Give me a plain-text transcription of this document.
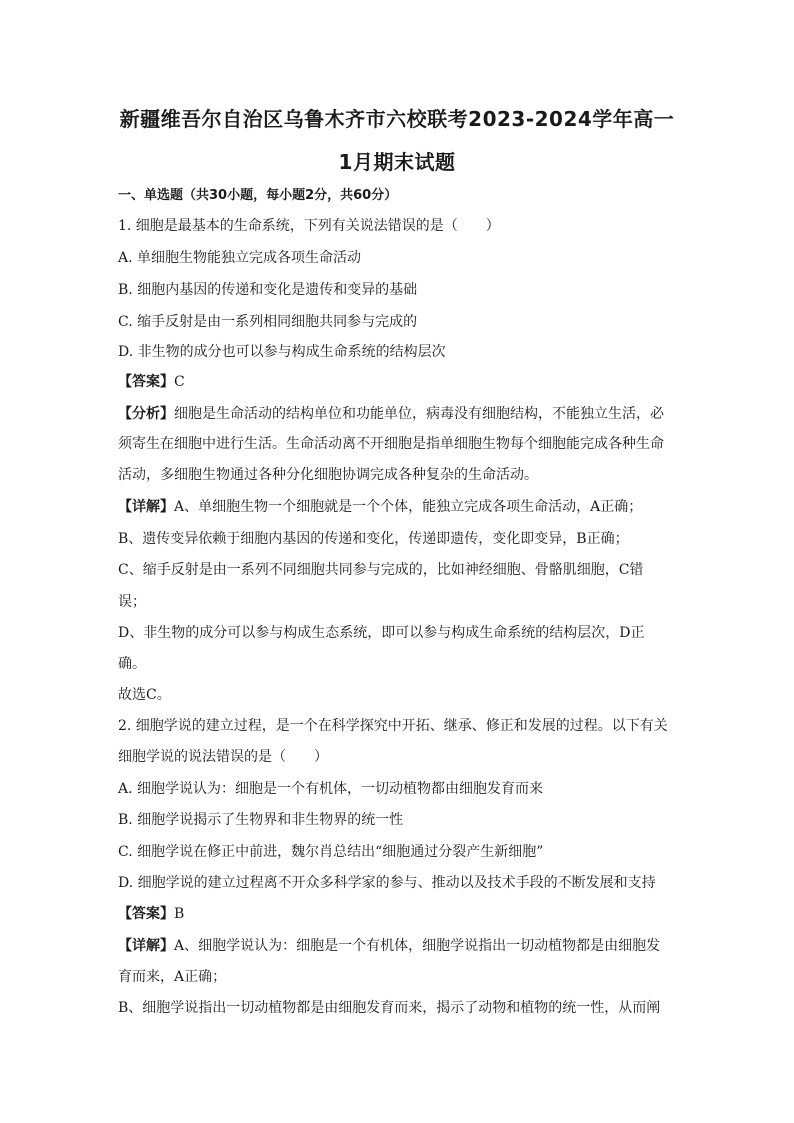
新疆维吾尔自治区乌鲁木齐市六校联考2023-2024学年高一
1月期末试题
一、单选题（共30小题，每小题2分，共60分）
1. 细胞是最基本的生命系统，下列有关说法错误的是（　　）
A. 单细胞生物能独立完成各项生命活动
B. 细胞内基因的传递和变化是遗传和变异的基础
C. 缩手反射是由一系列相同细胞共同参与完成的
D. 非生物的成分也可以参与构成生命系统的结构层次
【答案】C
【分析】细胞是生命活动的结构单位和功能单位，病毒没有细胞结构，不能独立生活，必
须寄生在细胞中进行生活。生命活动离不开细胞是指单细胞生物每个细胞能完成各种生命
活动，多细胞生物通过各种分化细胞协调完成各种复杂的生命活动。
【详解】A、单细胞生物一个细胞就是一个个体，能独立完成各项生命活动，A正确；
B、遗传变异依赖于细胞内基因的传递和变化，传递即遗传，变化即变异，B正确；
C、缩手反射是由一系列不同细胞共同参与完成的，比如神经细胞、骨骼肌细胞，C错
误；
D、非生物的成分可以参与构成生态系统，即可以参与构成生命系统的结构层次，D正
确。
故选C。
2. 细胞学说的建立过程，是一个在科学探究中开拓、继承、修正和发展的过程。以下有关
细胞学说的说法错误的是（　　）
A. 细胞学说认为：细胞是一个有机体，一切动植物都由细胞发育而来
B. 细胞学说揭示了生物界和非生物界的统一性
C. 细胞学说在修正中前进，魏尔肖总结出“细胞通过分裂产生新细胞”
D. 细胞学说的建立过程离不开众多科学家的参与、推动以及技术手段的不断发展和支持
【答案】B
【详解】A、细胞学说认为：细胞是一个有机体，细胞学说指出一切动植物都是由细胞发
育而来，A正确；
B、细胞学说指出一切动植物都是由细胞发育而来，揭示了动物和植物的统一性，从而阐
